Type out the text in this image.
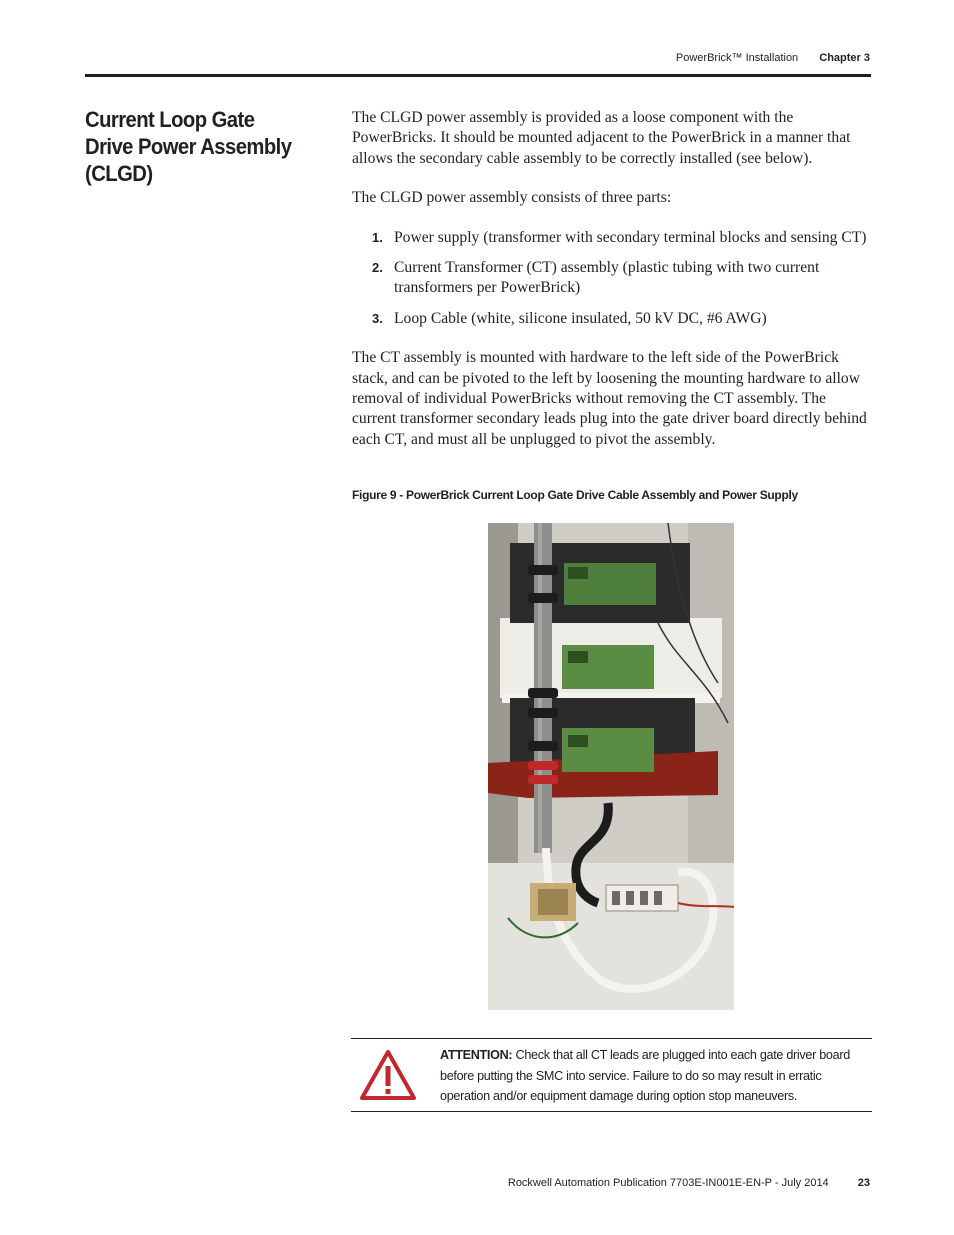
PowerBrick™ Installation Chapter 3
Current Loop Gate Drive Power Assembly (CLGD)

The CLGD power assembly is provided as a loose component with the PowerBricks. It should be mounted adjacent to the PowerBrick in a manner that allows the secondary cable assembly to be correctly installed (see below).

The CLGD power assembly consists of three parts:

1. Power supply (transformer with secondary terminal blocks and sensing CT)
2. Current Transformer (CT) assembly (plastic tubing with two current transformers per PowerBrick)
3. Loop Cable (white, silicone insulated, 50 kV DC, #6 AWG)

The CT assembly is mounted with hardware to the left side of the PowerBrick stack, and can be pivoted to the left by loosening the mounting hardware to allow removal of individual PowerBricks without removing the CT assembly. The current transformer secondary leads plug into the gate driver board directly behind each CT, and must all be unplugged to pivot the assembly.

Figure 9 - PowerBrick Current Loop Gate Drive Cable Assembly and Power Supply
ATTENTION: Check that all CT leads are plugged into each gate driver board before putting the SMC into service. Failure to do so may result in erratic operation and/or equipment damage during option stop maneuvers.
Rockwell Automation Publication 7703E-IN001E-EN-P - July 2014	23
